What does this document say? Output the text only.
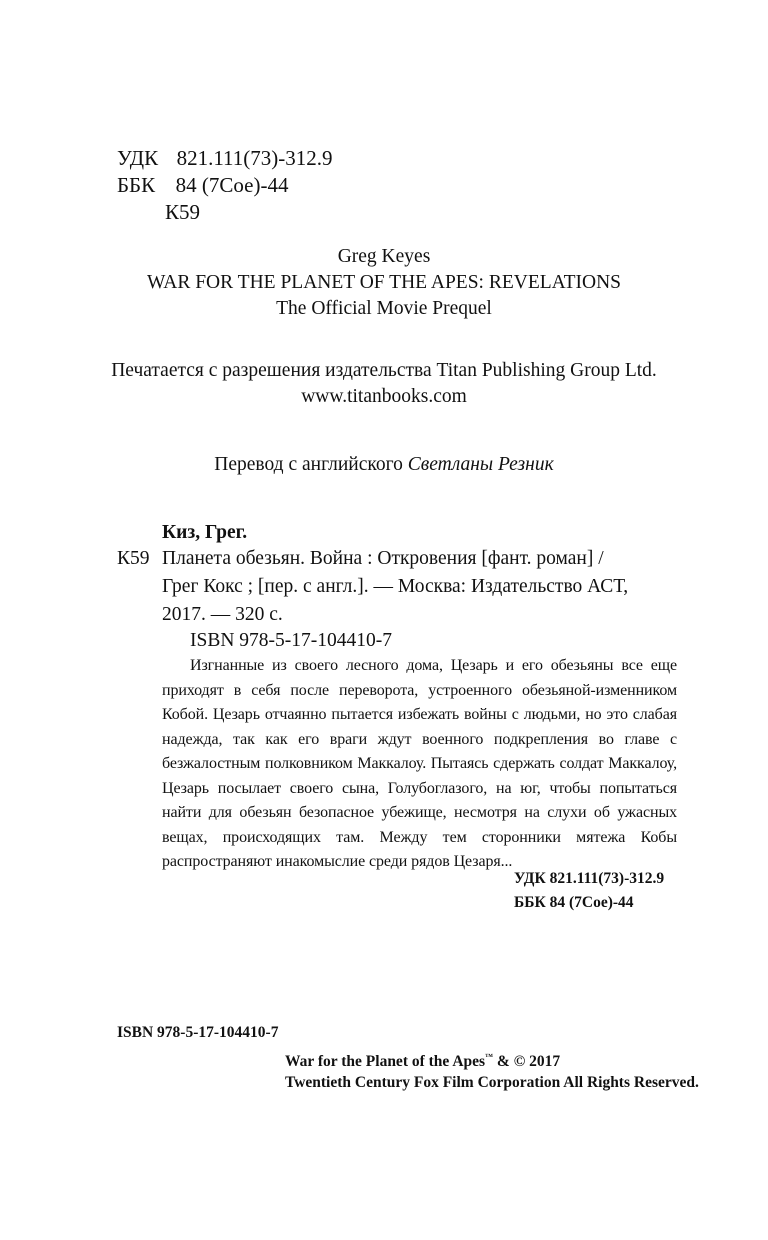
УДК 821.111(73)-312.9
ББК 84 (7Сое)-44
К59
Greg Keyes
WAR FOR THE PLANET OF THE APES: REVELATIONS
The Official Movie Prequel
Печатается с разрешения издательства Titan Publishing Group Ltd.
www.titanbooks.com
Перевод с английского Светланы Резник
Киз, Грег.
К59 Планета обезьян. Война : Откровения [фант. роман] /
Грег Кокс ; [пер. с англ.]. — Москва: Издательство АСТ,
2017. — 320 с.
ISBN 978-5-17-104410-7
Изгнанные из своего лесного дома, Цезарь и его обезьяны все еще приходят в себя после переворота, устроенного обезьяной-изменником Кобой. Цезарь отчаянно пытается избежать войны с людьми, но это слабая надежда, так как его враги ждут военного подкрепления во главе с безжалостным полковником Маккалоу. Пытаясь сдержать солдат Маккалоу, Цезарь посылает своего сына, Голубоглазого, на юг, чтобы попытаться найти для обезьян безопасное убежище, несмотря на слухи об ужасных вещах, происходящих там. Между тем сторонники мятежа Кобы распространяют инакомыслие среди рядов Цезаря...
УДК 821.111(73)-312.9
ББК 84 (7Сое)-44
ISBN 978-5-17-104410-7
War for the Planet of the Apes™ & © 2017
Twentieth Century Fox Film Corporation All Rights Reserved.
